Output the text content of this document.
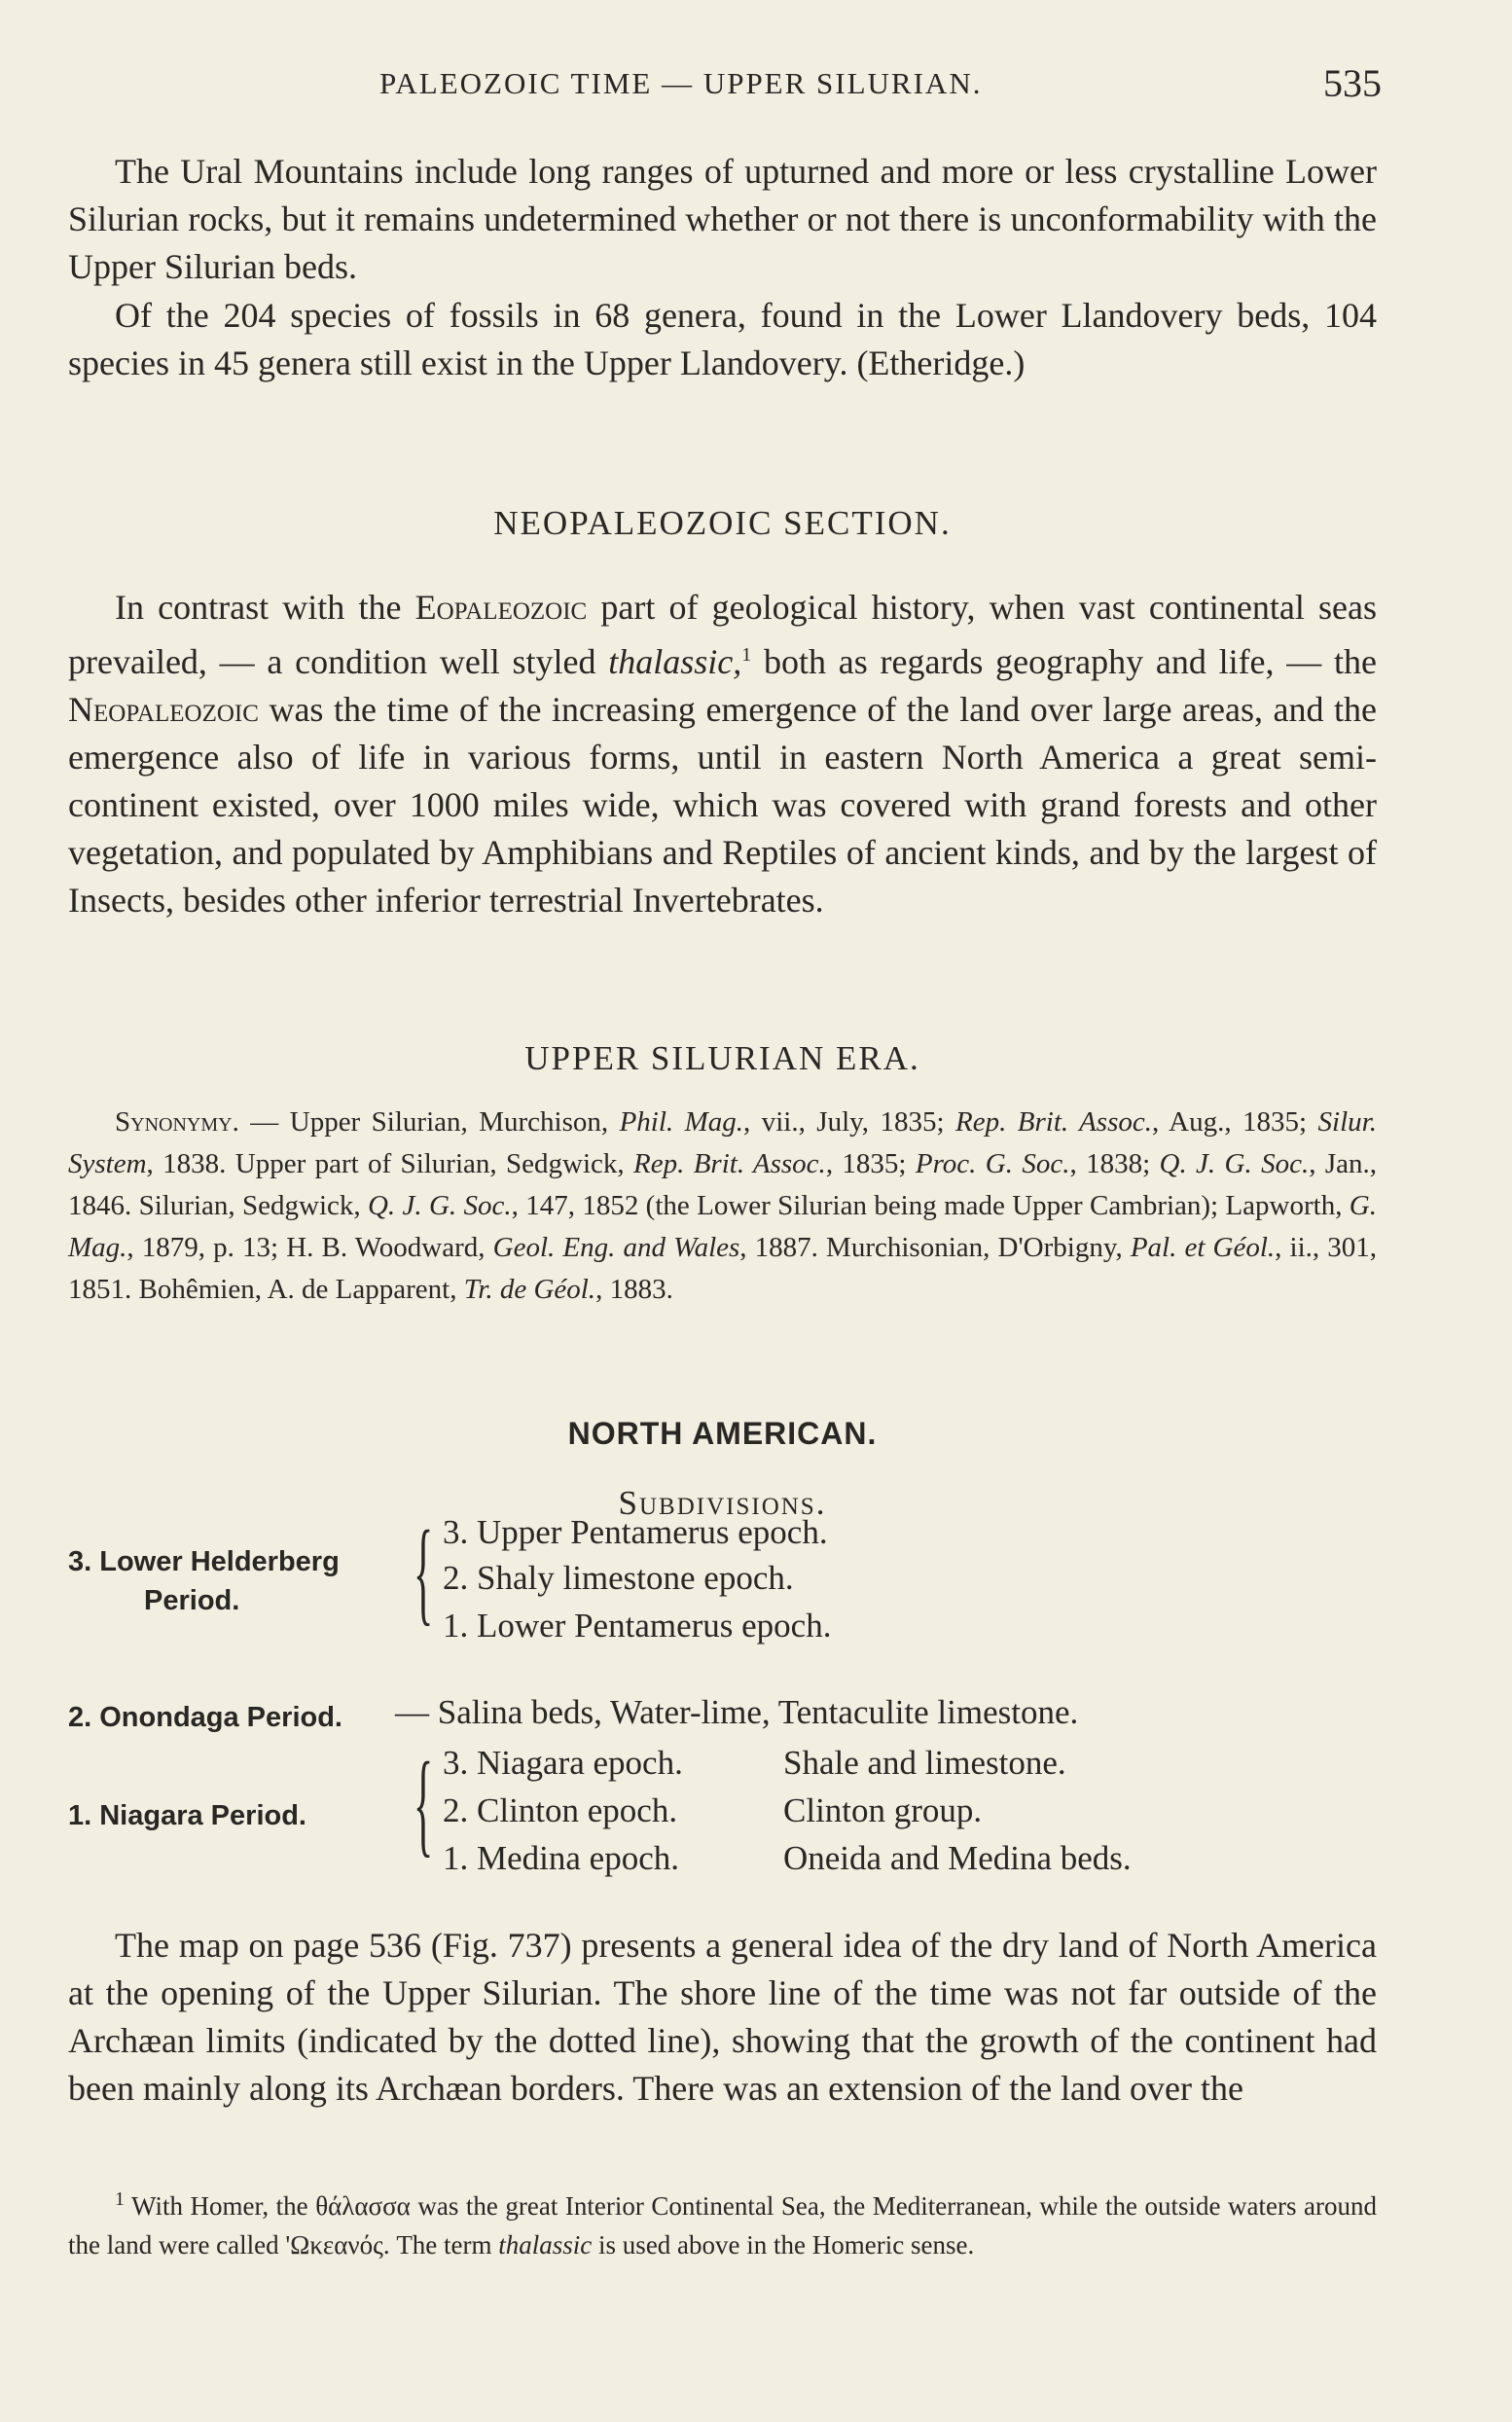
PALEOZOIC TIME — UPPER SILURIAN.	535

The Ural Mountains include long ranges of upturned and more or less crystalline Lower Silurian rocks, but it remains undetermined whether or not there is unconformability with the Upper Silurian beds.

Of the 204 species of fossils in 68 genera, found in the Lower Llandovery beds, 104 species in 45 genera still exist in the Upper Llandovery. (Etheridge.)

NEOPALEOZOIC SECTION.

In contrast with the Eopaleozoic part of geological history, when vast continental seas prevailed, — a condition well styled thalassic,$^1$ both as regards geography and life, — the Neopaleozoic was the time of the increasing emergence of the land over large areas, and the emergence also of life in various forms, until in eastern North America a great semi-continent existed, over 1000 miles wide, which was covered with grand forests and other vegetation, and populated by Amphibians and Reptiles of ancient kinds, and by the largest of Insects, besides other inferior terrestrial Invertebrates.

UPPER SILURIAN ERA.

Synonymy. — Upper Silurian, Murchison, Phil. Mag., vii., July, 1835; Rep. Brit. Assoc., Aug., 1835; Silur. System, 1838. Upper part of Silurian, Sedgwick, Rep. Brit. Assoc., 1835; Proc. G. Soc., 1838; Q. J. G. Soc., Jan., 1846. Silurian, Sedgwick, Q. J. G. Soc., 147, 1852 (the Lower Silurian being made Upper Cambrian); Lapworth, G. Mag., 1879, p. 13; H. B. Woodward, Geol. Eng. and Wales, 1887. Murchisonian, D'Orbigny, Pal. et Géol., ii., 301, 1851. Bohêmien, A. de Lapparent, Tr. de Géol., 1883.

NORTH AMERICAN.
Subdivisions.
3. Lower Helderberg
Period.	{ 3. Upper Pentamerus epoch.
2. Shaly limestone epoch.
1. Lower Pentamerus epoch.
2. Onondaga Period. — Salina beds, Water-lime, Tentaculite limestone.
1. Niagara Period. { 3. Niagara epoch.	Shale and limestone.
2. Clinton epoch.	Clinton group.
1. Medina epoch.	Oneida and Medina beds.

The map on page 536 (Fig. 737) presents a general idea of the dry land of North America at the opening of the Upper Silurian. The shore line of the time was not far outside of the Archæan limits (indicated by the dotted line), showing that the growth of the continent had been mainly along its Archæan borders. There was an extension of the land over the

$^1$ With Homer, the θάλασσα was the great Interior Continental Sea, the Mediterranean, while the outside waters around the land were called 'Ωκεανός. The term thalassic is used above in the Homeric sense.
